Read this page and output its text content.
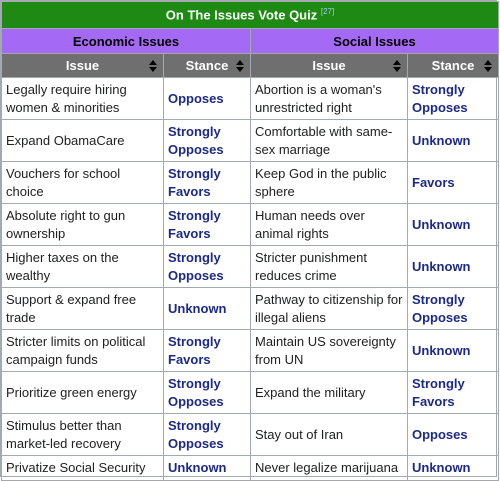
On The Issues Vote Quiz [27]
Economic Issues		Social Issues	
Issue	Stance	Issue	Stance

Legally require hiring women & minorities	Opposes	Abortion is a woman's unrestricted right	Strongly Opposes
Expand ObamaCare	Strongly Opposes	Comfortable with same-sex marriage	Unknown
Vouchers for school choice	Strongly Favors	Keep God in the public sphere	Favors
Absolute right to gun ownership	Strongly Favors	Human needs over animal rights	Unknown
Higher taxes on the wealthy	Strongly Opposes	Stricter punishment reduces crime	Unknown
Support & expand free trade	Unknown	Pathway to citizenship for illegal aliens	Strongly Opposes
Stricter limits on political campaign funds	Strongly Favors	Maintain US sovereignty from UN	Unknown
Prioritize green energy	Strongly Opposes	Expand the military	Strongly Favors
Stimulus better than market-led recovery	Strongly Opposes	Stay out of Iran	Opposes
Privatize Social Security	Unknown	Never legalize marijuana	Unknown
